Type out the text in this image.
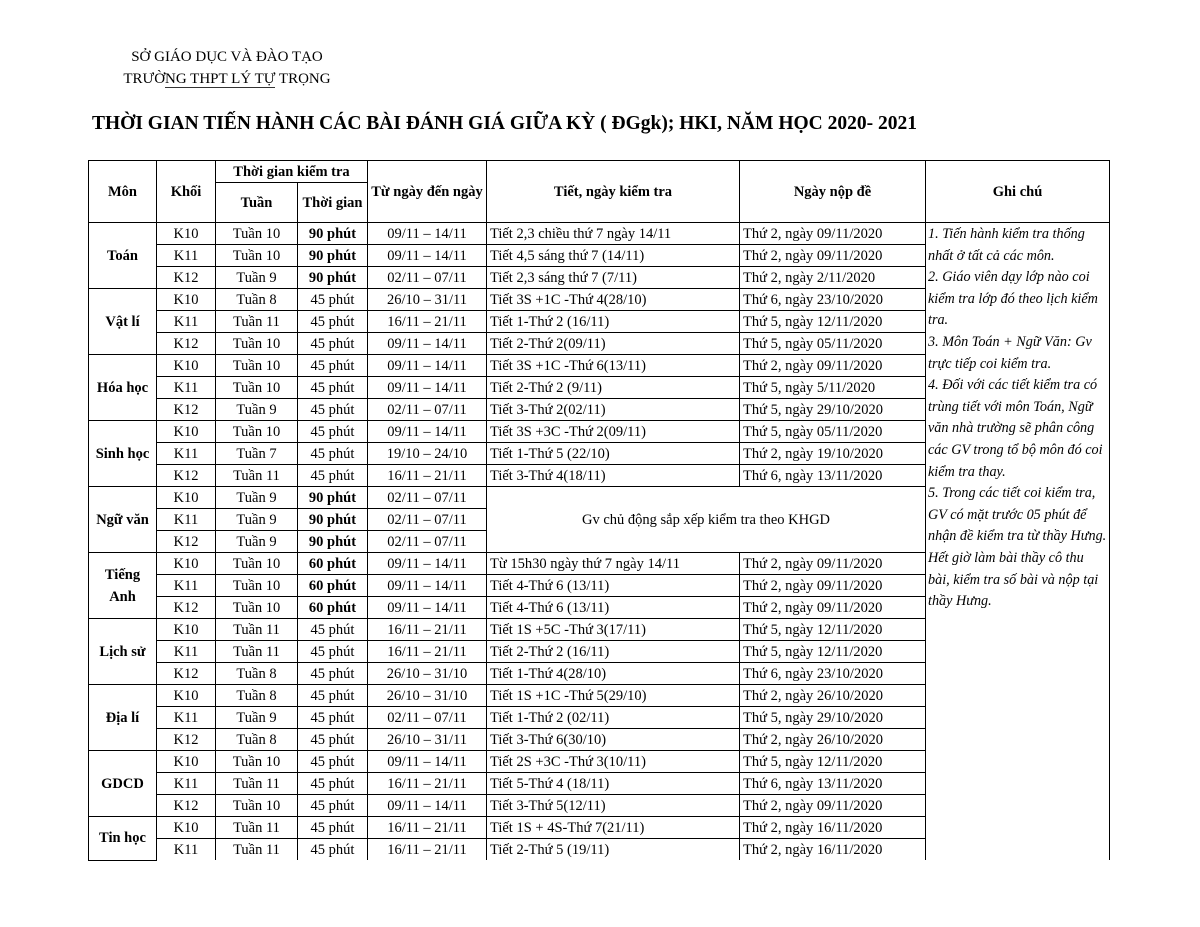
SỞ GIÁO DỤC VÀ ĐÀO TẠO

TRƯỜNG THPT LÝ TỰ TRỌNG
THỜI GIAN TIẾN HÀNH CÁC BÀI ĐÁNH GIÁ GIỮA KỲ ( ĐGgk); HKI, NĂM HỌC 2020- 2021
Môn	Khối	Thời gian kiểm tra		Từ ngày đến ngày	Tiết, ngày kiểm tra	Ngày nộp đề	Ghi chú
		Tuần	Thời gian				
Toán	K10	Tuần 10	90 phút	09/11 – 14/11	Tiết 2,3 chiều thứ 7 ngày 14/11	Thứ 2, ngày 09/11/2020	1. Tiến hành kiểm tra thống nhất ở tất cả các môn.
2. Giáo viên dạy lớp nào coi kiểm tra lớp đó theo lịch kiểm tra.
3. Môn Toán + Ngữ Văn: Gv trực tiếp coi kiểm tra.
4. Đối với các tiết kiểm tra có trùng tiết với môn Toán, Ngữ văn nhà trường sẽ phân công các GV trong tổ bộ môn đó coi kiểm tra thay.
5. Trong các tiết coi kiểm tra, GV có mặt trước 05 phút để nhận đề kiểm tra từ thầy Hưng. Hết giờ làm bài thầy cô thu bài, kiểm tra số bài và nộp tại thầy Hưng.

	K11	Tuần 10	90 phút	09/11 – 14/11	Tiết 4,5 sáng thứ 7 (14/11)	Thứ 2, ngày 09/11/2020	
	K12	Tuần 9	90 phút	02/11 – 07/11	Tiết 2,3 sáng thứ 7 (7/11)	Thứ 2, ngày 2/11/2020	
Vật lí	K10	Tuần 8	45 phút	26/10 – 31/11	Tiết 3S +1C -Thứ 4(28/10)	Thứ 6, ngày 23/10/2020	
	K11	Tuần 11	45 phút	16/11 – 21/11	Tiết 1-Thứ 2 (16/11)	Thứ 5, ngày 12/11/2020	
	K12	Tuần 10	45 phút	09/11 – 14/11	Tiết 2-Thứ 2(09/11)	Thứ 5, ngày 05/11/2020	
Hóa học	K10	Tuần 10	45 phút	09/11 – 14/11	Tiết 3S +1C -Thứ 6(13/11)	Thứ 2, ngày 09/11/2020	
	K11	Tuần 10	45 phút	09/11 – 14/11	Tiết 2-Thứ 2 (9/11)	Thứ 5, ngày 5/11/2020	
	K12	Tuần 9	45 phút	02/11 – 07/11	Tiết 3-Thứ 2(02/11)	Thứ 5, ngày 29/10/2020	
Sinh học	K10	Tuần 10	45 phút	09/11 – 14/11	Tiết 3S +3C -Thứ 2(09/11)	Thứ 5, ngày 05/11/2020	
	K11	Tuần 7	45 phút	19/10 – 24/10	Tiết 1-Thứ 5 (22/10)	Thứ 2, ngày 19/10/2020	
	K12	Tuần 11	45 phút	16/11 – 21/11	Tiết 3-Thứ 4(18/11)	Thứ 6, ngày 13/11/2020	
Ngữ văn	K10	Tuần 9	90 phút	02/11 – 07/11	Gv chủ động sắp xếp kiểm tra theo KHGD		
	K11	Tuần 9	90 phút	02/11 – 07/11			
	K12	Tuần 9	90 phút	02/11 – 07/11			
Tiếng Anh	K10	Tuần 10	60 phút	09/11 – 14/11	Từ 15h30 ngày thứ 7 ngày 14/11	Thứ 2, ngày 09/11/2020	
	K11	Tuần 10	60 phút	09/11 – 14/11	Tiết 4-Thứ 6 (13/11)	Thứ 2, ngày 09/11/2020	
	K12	Tuần 10	60 phút	09/11 – 14/11	Tiết 4-Thứ 6 (13/11)	Thứ 2, ngày 09/11/2020	
Lịch sử	K10	Tuần 11	45 phút	16/11 – 21/11	Tiết 1S +5C -Thứ 3(17/11)	Thứ 5, ngày 12/11/2020	
	K11	Tuần 11	45 phút	16/11 – 21/11	Tiết 2-Thứ 2 (16/11)	Thứ 5, ngày 12/11/2020	
	K12	Tuần 8	45 phút	26/10 – 31/10	Tiết 1-Thứ 4(28/10)	Thứ 6, ngày 23/10/2020	
Địa lí	K10	Tuần 8	45 phút	26/10 – 31/10	Tiết 1S +1C -Thứ 5(29/10)	Thứ 2, ngày 26/10/2020	
	K11	Tuần 9	45 phút	02/11 – 07/11	Tiết 1-Thứ 2 (02/11)	Thứ 5, ngày 29/10/2020	
	K12	Tuần 8	45 phút	26/10 – 31/11	Tiết 3-Thứ 6(30/10)	Thứ 2, ngày 26/10/2020	
GDCD	K10	Tuần 10	45 phút	09/11 – 14/11	Tiết 2S +3C -Thứ 3(10/11)	Thứ 5, ngày 12/11/2020	
	K11	Tuần 11	45 phút	16/11 – 21/11	Tiết 5-Thứ 4 (18/11)	Thứ 6, ngày 13/11/2020	
	K12	Tuần 10	45 phút	09/11 – 14/11	Tiết 3-Thứ 5(12/11)	Thứ 2, ngày 09/11/2020	
Tin học	K10	Tuần 11	45 phút	16/11 – 21/11	Tiết 1S + 4S-Thứ 7(21/11)	Thứ 2, ngày 16/11/2020	
	K11	Tuần 11	45 phút	16/11 – 21/11	Tiết 2-Thứ 5 (19/11)	Thứ 2, ngày 16/11/2020	
